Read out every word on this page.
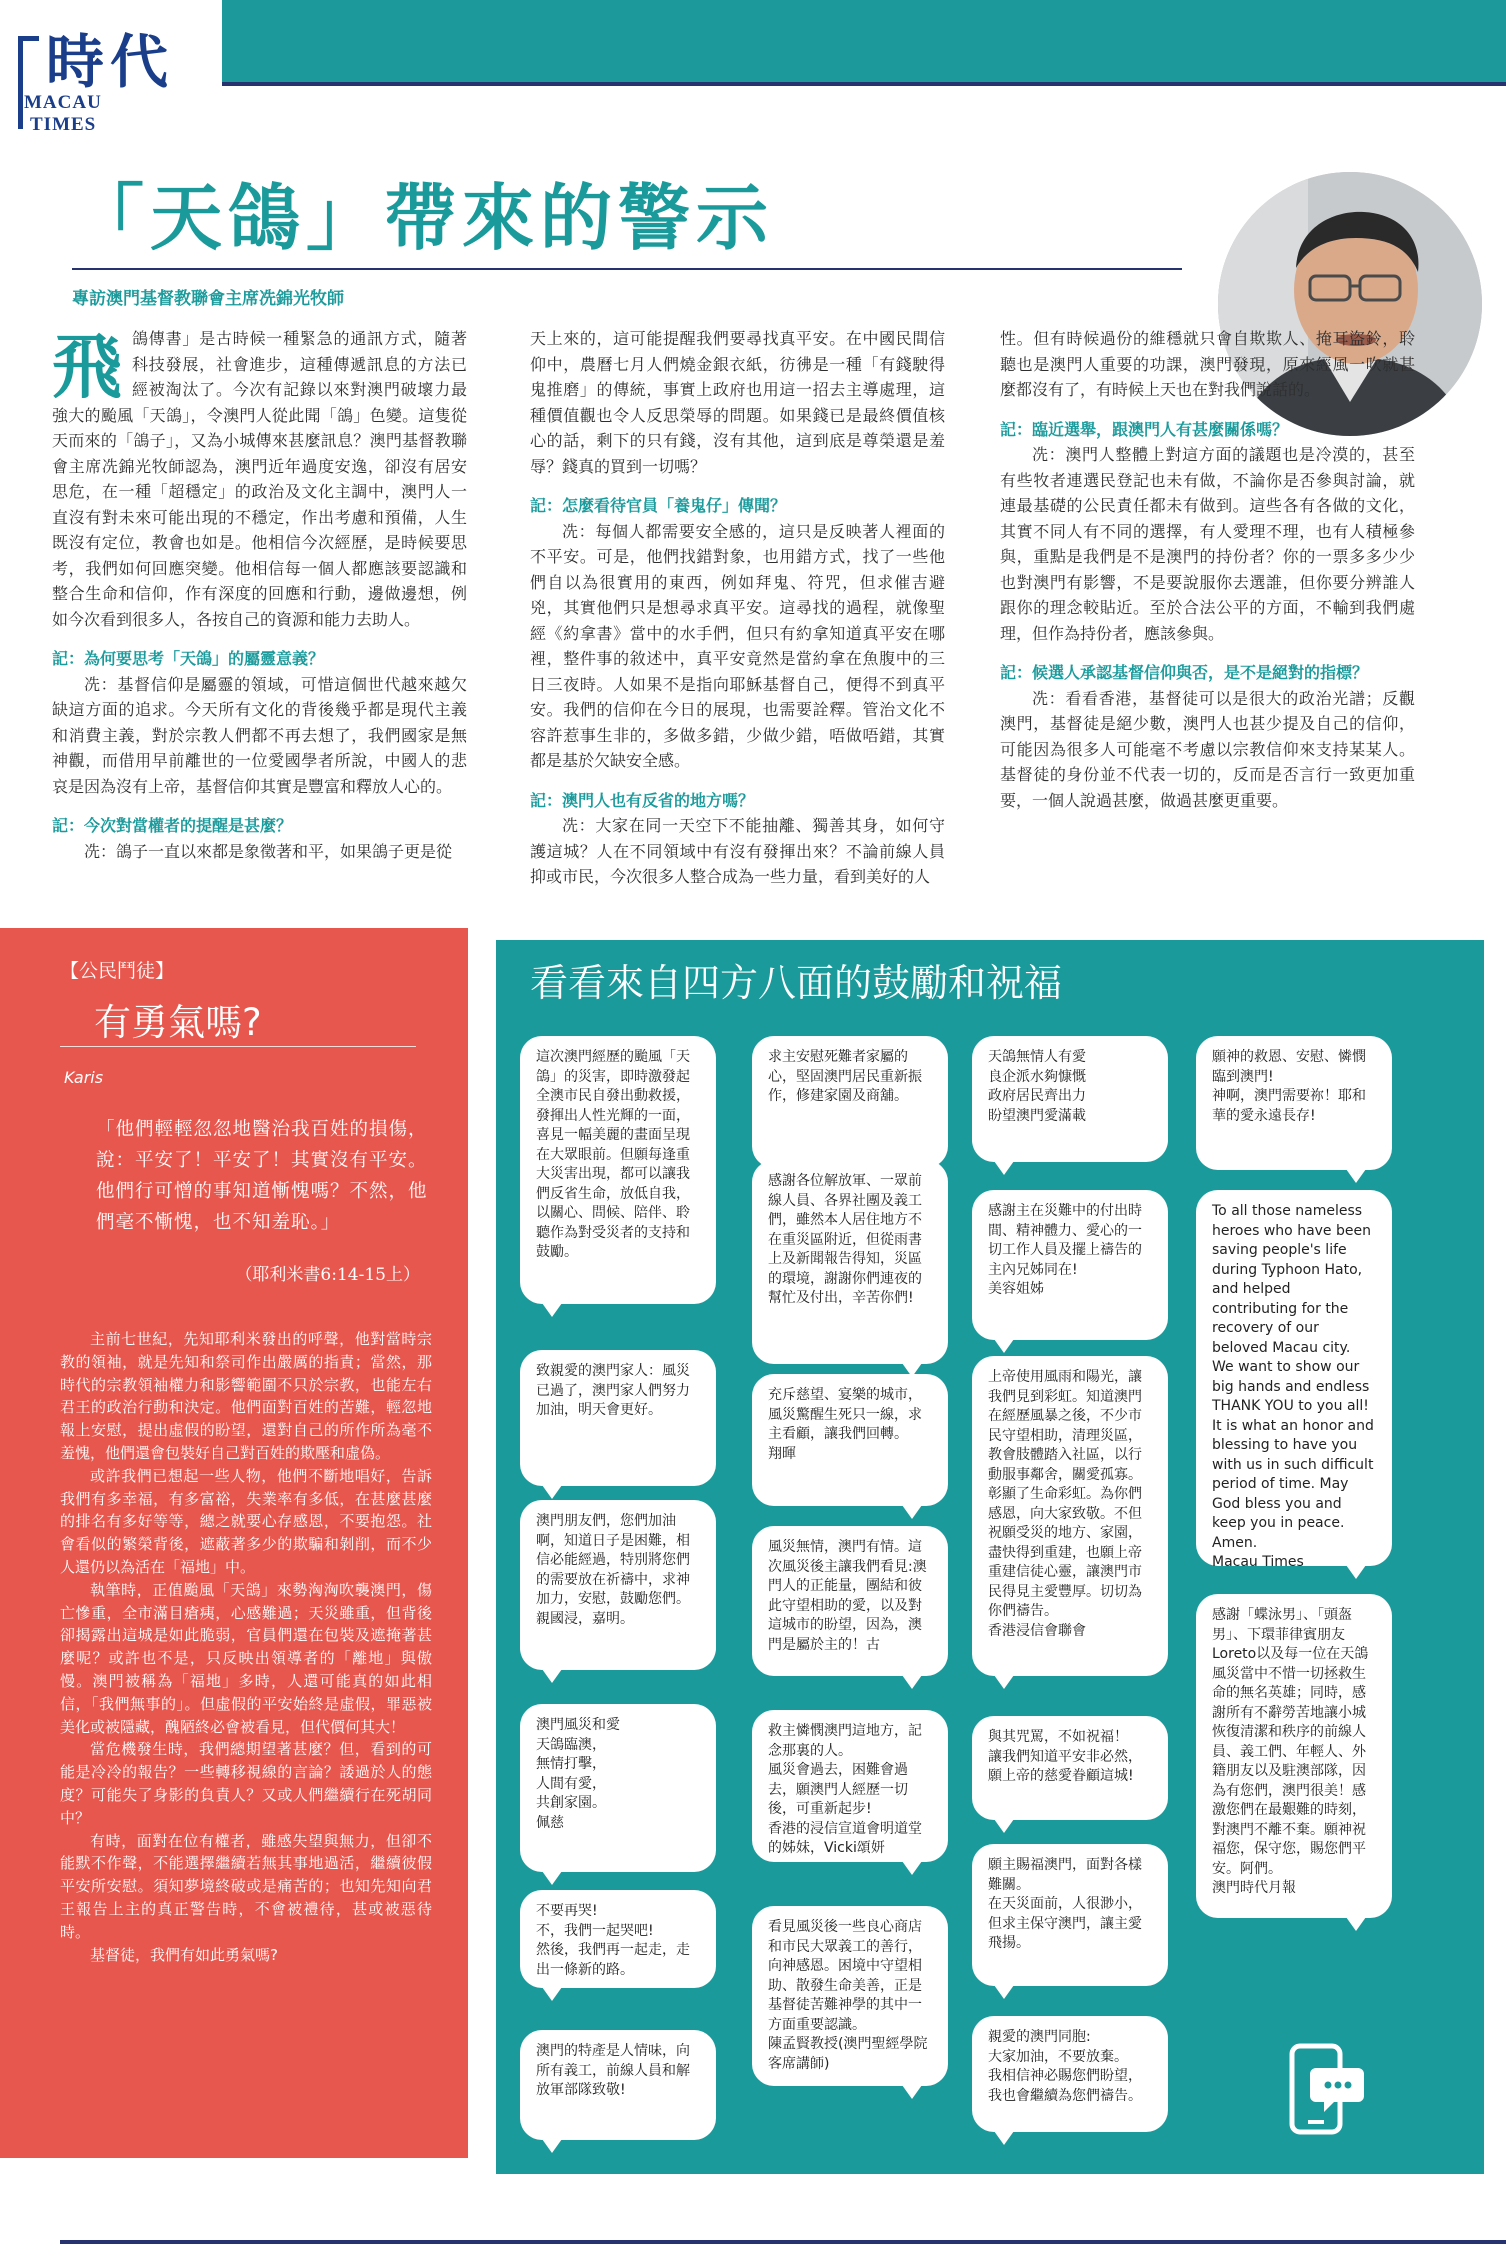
時代
MACAU
TIMES
「天鴿」帶來的警示
專訪澳門基督教聯會主席冼錦光牧師
飛 鴿傳書」是古時候一種緊急的通訊方式，隨著科技發展，社會進步，這種傳遞訊息的方法已經被淘汰了。今次有記錄以來對澳門破壞力最強大的颱風「天鴿」，令澳門人從此聞「鴿」色變。這隻從天而來的「鴿子」，又為小城傳來甚麼訊息？澳門基督教聯會主席冼錦光牧師認為，澳門近年過度安逸，卻沒有居安思危，在一種「超穩定」的政治及文化主調中，澳門人一直沒有對未來可能出現的不穩定，作出考慮和預備，人生既沒有定位，教會也如是。他相信今次經歷，是時候要思考，我們如何回應突變。他相信每一個人都應該要認識和整合生命和信仰，作有深度的回應和行動，邊做邊想，例如今次看到很多人，各按自己的資源和能力去助人。

記：為何要思考「天鴿」的屬靈意義？

冼：基督信仰是屬靈的領域，可惜這個世代越來越欠缺這方面的追求。今天所有文化的背後幾乎都是現代主義和消費主義，對於宗教人們都不再去想了，我們國家是無神觀，而借用早前離世的一位愛國學者所說，中國人的悲哀是因為沒有上帝，基督信仰其實是豐富和釋放人心的。

記：今次對當權者的提醒是甚麼？

冼：鴿子一直以來都是象徵著和平，如果鴿子更是從

天上來的，這可能提醒我們要尋找真平安。在中國民間信仰中，農曆七月人們燒金銀衣紙，彷彿是一種「有錢駛得鬼推磨」的傳統，事實上政府也用這一招去主導處理，這種價值觀也令人反思榮辱的問題。如果錢已是最終價值核心的話，剩下的只有錢，沒有其他，這到底是尊榮還是羞辱？錢真的買到一切嗎？

記：怎麼看待官員「養鬼仔」傳聞？

冼：每個人都需要安全感的，這只是反映著人裡面的不平安。可是，他們找錯對象，也用錯方式，找了一些他們自以為很實用的東西，例如拜鬼、符咒，但求催吉避兇，其實他們只是想尋求真平安。這尋找的過程，就像聖經《約拿書》當中的水手們，但只有約拿知道真平安在哪裡，整件事的敘述中，真平安竟然是當約拿在魚腹中的三日三夜時。人如果不是指向耶穌基督自己，便得不到真平安。我們的信仰在今日的展現，也需要詮釋。管治文化不容許惹事生非的，多做多錯，少做少錯，唔做唔錯，其實都是基於欠缺安全感。

記：澳門人也有反省的地方嗎？

冼：大家在同一天空下不能抽離、獨善其身，如何守護這城？人在不同領域中有沒有發揮出來？不論前線人員抑或市民，今次很多人整合成為一些力量，看到美好的人

性。但有時候過份的維穩就只會自欺欺人、掩耳盜鈴，聆聽也是澳門人重要的功課，澳門發現，原來經風一吹就甚麼都沒有了，有時候上天也在對我們說話的。

記：臨近選舉，跟澳門人有甚麼關係嗎？

冼：澳門人整體上對這方面的議題也是冷漠的，甚至有些牧者連選民登記也未有做，不論你是否參與討論，就連最基礎的公民責任都未有做到。這些各有各做的文化，其實不同人有不同的選擇，有人愛理不理，也有人積極參與，重點是我們是不是澳門的持份者？你的一票多多少少也對澳門有影響，不是要說服你去選誰，但你要分辨誰人跟你的理念較貼近。至於合法公平的方面，不輸到我們處理，但作為持份者，應該參與。

記：候選人承認基督信仰與否，是不是絕對的指標？

冼：看看香港，基督徒可以是很大的政治光譜；反觀澳門，基督徒是絕少數，澳門人也甚少提及自己的信仰，可能因為很多人可能毫不考慮以宗教信仰來支持某某人。基督徒的身份並不代表一切的，反而是否言行一致更加重要，一個人說過甚麼，做過甚麼更重要。

【公民鬥徒】
有勇氣嗎?
Karis
「他們輕輕忽忽地醫治我百姓的損傷，說：平安了！平安了！其實沒有平安。他們行可憎的事知道慚愧嗎？不然，他們毫不慚愧，也不知羞恥。」
（耶利米書6:14-15上）

主前七世紀，先知耶利米發出的呼聲，他對當時宗教的領袖，就是先知和祭司作出嚴厲的指責；當然，那時代的宗教領袖權力和影響範圍不只於宗教，也能左右君王的政治行動和決定。他們面對百姓的苦難，輕忽地報上安慰，提出虛假的盼望，還對自己的所作所為毫不羞愧，他們還會包裝好自己對百姓的欺壓和虛偽。

或許我們已想起一些人物，他們不斷地唱好，告訴我們有多幸福，有多富裕，失業率有多低，在甚麼甚麼的排名有多好等等，總之就要心存感恩，不要抱怨。社會看似的繁榮背後，遮蔽著多少的欺騙和剝削，而不少人還仍以為活在「福地」中。

執筆時，正值颱風「天鴿」來勢洶洶吹襲澳門，傷亡慘重，全市滿目瘡痍，心感難過；天災雖重，但背後卻揭露出這城是如此脆弱，官員們還在包裝及遮掩著甚麼呢？或許也不是，只反映出領導者的「離地」與傲慢。澳門被稱為「福地」多時，人還可能真的如此相信，「我們無事的」。但虛假的平安始終是虛假，罪惡被美化或被隱藏，醜陋終必會被看見，但代價何其大！

當危機發生時，我們總期望著甚麼？但，看到的可能是冷冷的報告？一些轉移視線的言論？諉過於人的態度？可能失了身影的負責人？又或人們繼續行在死胡同中？

有時，面對在位有權者，雖感失望與無力，但卻不能默不作聲，不能選擇繼續若無其事地過活，繼續彼假平安所安慰。須知夢境終破或是痛苦的；也知先知向君王報告上主的真正警告時，不會被禮待，甚或被惡待時。

基督徒，我們有如此勇氣嗎?

看看來自四方八面的鼓勵和祝福
這次澳門經歷的颱風「天鴿」的災害，即時激發起全澳市民自發出動救援，發揮出人性光輝的一面，喜見一幅美麗的畫面呈現在大眾眼前。但願每逢重大災害出現，都可以讓我們反省生命，放低自我，以關心、問候、陪伴、聆聽作為對受災者的支持和鼓勵。
求主安慰死難者家屬的心，堅固澳門居民重新振作，修建家園及商舖。
天鴿無情人有愛
良企派水夠慷慨
政府居民齊出力
盼望澳門愛滿載
願神的救恩、安慰、憐憫臨到澳門!
神啊，澳門需要祢！耶和華的愛永遠長存!
感謝各位解放軍、一眾前線人員、各界社團及義工們，雖然本人居住地方不在重災區附近，但從雨書上及新聞報告得知，災區的環境，謝謝你們連夜的幫忙及付出，辛苦你們!
感謝主在災難中的付出時間、精神體力、愛心的一切工作人員及擺上禱告的主內兄姊同在!
美容姐姊
To all those nameless heroes who have been saving people's life during Typhoon Hato, and helped contributing for the recovery of our beloved Macau city. We want to show our big hands and endless THANK YOU to you all! It is what an honor and blessing to have you with us in such difficult period of time. May God bless you and keep you in peace. Amen.
Macau Times
致親愛的澳門家人：風災已過了，澳門家人們努力加油，明天會更好。
充斥慈望、宴樂的城市，風災驚醒生死只一線，求主看顧，讓我們回轉。
翔暉
上帝使用風雨和陽光，讓我們見到彩虹。知道澳門在經歷風暴之後，不少市民守望相助，清理災區，教會肢體踏入社區，以行動服事鄰舍，關愛孤寡。彰顯了生命彩虹。為你們感恩，向大家致敬。不但祝願受災的地方、家園，盡快得到重建，也願上帝重建信徒心靈，讓澳門市民得見主愛豐厚。切切為你們禱告。
香港浸信會聯會
澳門朋友們，您們加油啊，知道日子是困難，相信必能經過，特別將您們的需要放在祈禱中，求神加力，安慰，鼓勵您們。親國浸，嘉明。
風災無情，澳門有情。這次風災後主讓我們看見:澳門人的正能量，團結和彼此守望相助的愛，以及對這城市的盼望，因為，澳門是屬於主的！古
感謝「蝶泳男」、「頭盔男」、下環菲律賓朋友Loreto以及每一位在天鴿風災當中不惜一切拯救生命的無名英雄；同時，感謝所有不辭勞苦地讓小城恢復清潔和秩序的前線人員、義工們、年輕人、外籍朋友以及駐澳部隊，因為有您們，澳門很美！感激您們在最艱難的時刻，對澳門不離不棄。願神祝福您，保守您，賜您們平安。阿們。
澳門時代月報
澳門風災和愛
天鴿臨澳，
無情打擊，
人間有愛，
共創家園。
佩慈
救主憐憫澳門這地方，記念那裏的人。
風災會過去，困難會過去，願澳門人經歷一切後，可重新起步!
香港的浸信宣道會明道堂的姊妹，Vicki頌妍
與其咒罵，不如祝福！
讓我們知道平安非必然，願上帝的慈愛眷顧這城!
不要再哭!
不，我們一起哭吧!
然後，我們再一起走，走出一條新的路。
看見風災後一些良心商店和市民大眾義工的善行，向神感恩。困境中守望相助、散發生命美善，正是基督徒苦難神學的其中一方面重要認識。
陳孟賢教授(澳門聖經學院客席講師)
願主賜福澳門，面對各樣難關。
在天災面前，人很渺小，但求主保守澳門，讓主愛飛揚。
澳門的特產是人情味，向所有義工，前線人員和解放軍部隊致敬!
親愛的澳門同胞:
大家加油，不要放棄。
我相信神必賜您們盼望，我也會繼續為您們禱告。
